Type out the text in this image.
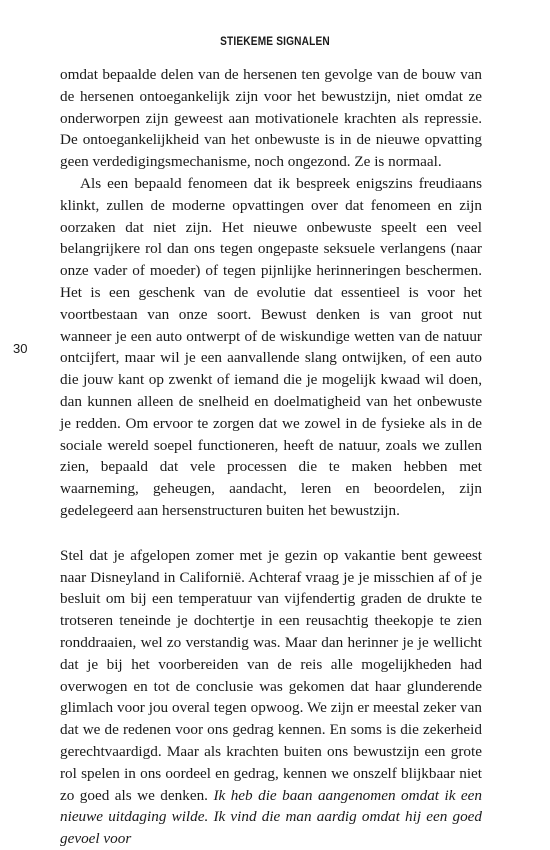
STIEKEME SIGNALEN
30

omdat bepaalde delen van de hersenen ten gevolge van de bouw van de hersenen ontoegankelijk zijn voor het bewustzijn, niet omdat ze onderworpen zijn geweest aan motivationele krachten als repressie. De ontoegankelijkheid van het onbewuste is in de nieuwe opvatting geen verdedigingsmechanisme, noch ongezond. Ze is normaal.

Als een bepaald fenomeen dat ik bespreek enigszins freudiaans klinkt, zullen de moderne opvattingen over dat fenomeen en zijn oorzaken dat niet zijn. Het nieuwe onbewuste speelt een veel belangrijkere rol dan ons tegen ongepaste seksuele verlangens (naar onze vader of moeder) of tegen pijnlijke herinneringen beschermen. Het is een geschenk van de evolutie dat essentieel is voor het voortbestaan van onze soort. Bewust denken is van groot nut wanneer je een auto ontwerpt of de wiskundige wetten van de natuur ontcijfert, maar wil je een aanvallende slang ontwijken, of een auto die jouw kant op zwenkt of iemand die je mogelijk kwaad wil doen, dan kunnen alleen de snelheid en doelmatigheid van het onbewuste je redden. Om ervoor te zorgen dat we zowel in de fysieke als in de sociale wereld soepel functioneren, heeft de natuur, zoals we zullen zien, bepaald dat vele processen die te maken hebben met waarneming, geheugen, aandacht, leren en beoordelen, zijn gedelegeerd aan hersenstructuren buiten het bewustzijn.

Stel dat je afgelopen zomer met je gezin op vakantie bent geweest naar Disneyland in Californië. Achteraf vraag je je misschien af of je besluit om bij een temperatuur van vijfendertig graden de drukte te trotseren teneinde je dochtertje in een reusachtig theekopje te zien ronddraaien, wel zo verstandig was. Maar dan herinner je je wellicht dat je bij het voorbereiden van de reis alle mogelijkheden had overwogen en tot de conclusie was gekomen dat haar glunderende glimlach voor jou overal tegen opwoog. We zijn er meestal zeker van dat we de redenen voor ons gedrag kennen. En soms is die zekerheid gerechtvaardigd. Maar als krachten buiten ons bewustzijn een grote rol spelen in ons oordeel en gedrag, kennen we onszelf blijkbaar niet zo goed als we denken. Ik heb die baan aangenomen omdat ik een nieuwe uitdaging wilde. Ik vind die man aardig omdat hij een goed gevoel voor
